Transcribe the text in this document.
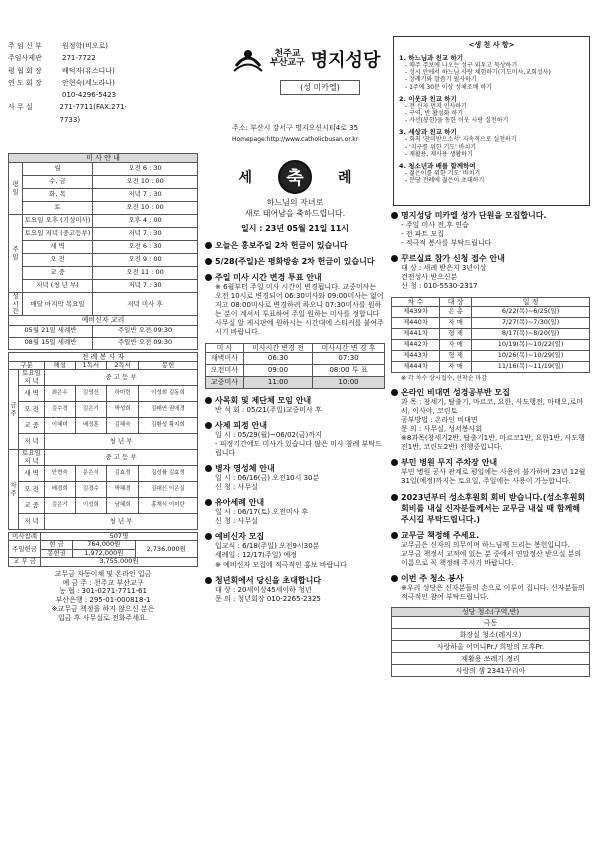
주 임 신 부	원정학(비오로)
주임사제관	271-7722
평 협 회 장	배덕자(유스디나)
연 도 회 장	안현숙(세노라나)
010-4296-5423
사 무 실	271-7711(FAX.271-7733)
천주교
부산교구 명지성당
(성 미카엘)
주소: 부산시 강서구 명지오션시티4로 35
Homepage:http://www.catholicbusan.or.kr
<생 천 사 항>
1. 하느님과 친교 하기
- 매주 주보에 나오는 성구 외우고 묵상하기
- 성시 안에서 하느님 사랑 체험하기(기도미사,교회성사)
- 장례기와 말씀기 필사하기
- 1주에 30분 이상 성체조배 하기
2. 이웃과 친교 하기
- 전 신자 먼저 인사하기
- 구역, 반 활성화 하기
- 자선(봉헌)을 동한 이웃 사랑 실천하기
3. 세상과 친교 하기
- 회칙 '찬미받으소서' 지속적으로 실천하기
- '지구를 위한 기도' 바치기
- 재활용, 재사용 생활하기
4. 청소년과 배를 함께하여
- 젊은이를 위한 기도' 바치기
- 분당 전례에 젊은이 초대하기
미 사 안 내		
평일	월	오전 6 : 30
	수, 금	오전 10 : 00
	화, 목	저녁 7 : 30
	토	오전 10 : 00
주일	토요일 오후 (기성미사)	오후 4 : 00
	토요일 저녁 (중고등부)	저녁 7 : 30
	새 벽	오전 6 : 30
	오 전	오전 9 : 00
	교 중	오전 11 : 00
	저녁 (청 년 부)	저녁 7 : 30
성시간	매달 마지막 목요일	저녁 미사 후
예비신자 교리		
05월 21일 세례반		주일반 오전 09:30
08월 15일 세례반		주일반 오전 09:30
전 례 봉 사 자					
구분		해설	1독서	2독서	봉헌
금주	토요일 저 녁	중 고 등 부			
	새 벽	최은우	김영신	하미련	이성희 김동희
	오 전	김수경	김은기	박성희	김태연 권애경
	교 중	이혜미	배정훈	김혜숙	김환성 황지희
	저 녁	청 년 부			
차주	토요일 저 녁	중 고 등 부			
	새 벽	안현숙	문은식	김효정	김성률 김효정
	오 전	배경희	김경수	박혜경	김대신 이은실
	교 중	김은기	이성희	남혜희	홍재식 이미란
	저 녁	청 년 부			
미사참례	507명		
주일헌금	현 금	764,000원	2,736,000원
	봉헌권	1,972,000원	
교 무 금	3,755,000원		
교무금 자동이체 및 온라인 입금
예 금 주 : 천주교 부산교구
농 협 : 301-0271-7711-61
부산은행 : 295-01-000818-1
※교무금 책정을 하지 않으신 분은
입금 후 사무실로 전화주세요.
세	축	례
하느님의 자녀로
새로 태어남을 축하드립니다.
일시 : 23년 05월 21일 11시
오늘은 홍보주일 2차 헌금이 있습니다
5/28(주일)은 평화방송 2차 헌금이 있습니다
주일 미사 시간 변경 투표 안내
※ 6월부터 주일 미사 시간이 변경됩니다. 교중미사는 오전 10시로 변경되어 06:30미사와 09:00미사는 없어지고 08:00미사로 변경하려 하오니 07:30미사를 원하는 분이 계셔서 투표하여 주일 원하는 미사를 정합니다 사무실 앞 게시판에 원하시는 시간대에 스티커를 붙여주시기 바랍니다.
미 사	미사시간 변경 전	미사시간 변 경 후
새벽미사	06:30	07:30
오전미사	09:00	08:00 투 표
교중미사	11:00	10:00
사목회 및 제단체 모임 안내
반 석 회 : 05/21(주일)교중미사 후
사제 피정 안내
일 시 : 05/29(월)~06/02(금)까지
- 피정기간에도 미사가 있습니다 많은 미사 참례 부탁드립니다
병자 영성체 안내
일 시 : 06/16(금) 오전10시 30분
신 청 : 사무실
유아세례 안내
일 시 : 06/17(토) 오전미사 후
신 청 : 사무실
예비신자 모집
입교식 : 6/18(주일) 오전9시30분
세례일 : 12/17(주일) 예정
※ 예비신자 모집에 적극적인 홍보 바랍니다
청년회에서 당신을 초대합니다
대 상 : 20세이상45세이하 청년
문 의 : 청년회장 010-2265-2325
명지성당 미카엘 성가 단원을 모집합니다.
- 주일 미사 전,후 연습
- 전 파트 모집
- 적극적 봉사를 부탁드립니다
꾸르실료 참가 신청 접수 안내
대 상 : 세례 받은지 3년이상
건전성사 받으신분
신 청 : 010-5530-2317
차 수	대 상	일 정
제439차	은 총	6/22(목)~6/25(일)
제440차	자 매	7/27(목)~7/30(일)
제441차	형 제	8/17(목)~8/20(일)
제442차	자 매	10/19(목)~10/22(일)
제443차	형 제	10/26(목)~10/29(일)
제444차	자 매	11/16(목)~11/19(일)
※ 각 차수 상시접수, 선착순 마감
온라인 비대면 성경공부반 모집
과 목 : 창세기, 탈출기, 마르코, 요한, 사도행전, 마태오,로마서, 이사야, 코린토
공부방법 : 온라인 비대면
문 의 : 사무실, 성서봉사회
※8과목(창세기2반, 탈출기1반, 마르코1반, 요한1반, 사도행전1반, 코린도2반) 진행중입니다.
부민 병원 무지 주차장 안내
부민 병원 공사 관계로 평일에는 사용이 불가하며 23년 12월 31일(예정)까지는 토요일, 주일에는 사용이 가능합니다.
2023년부터 성소후원회 회비 받습니다.(성소후원회 회비를 내실 신자분들께서는 교무금 내실 때 함께해 주시길 부탁드립니다.)
교무금 책정해 주세요.
교무금은 신자의 의무이며 하느님께 드리는 봉헌입니다.
교무금 책정서 교적에 있는 분 중에서 연말정산 받으실 분의 이름으로 꼭 책정해 주시기 바랍니다.
이번 주 청소 봉사
※우리 성당은 신자분들의 손으로 이루어 집니다. 신자분들의 적극적인 참여 부탁드립니다.
성당 청소(구역,반)
극동
화장실 청소(레지오)
사랑하올 어머니Pr./ 희망의 모후Pr.
재활용 쓰레기 정리
사랑의 샘 2341꾸리아
